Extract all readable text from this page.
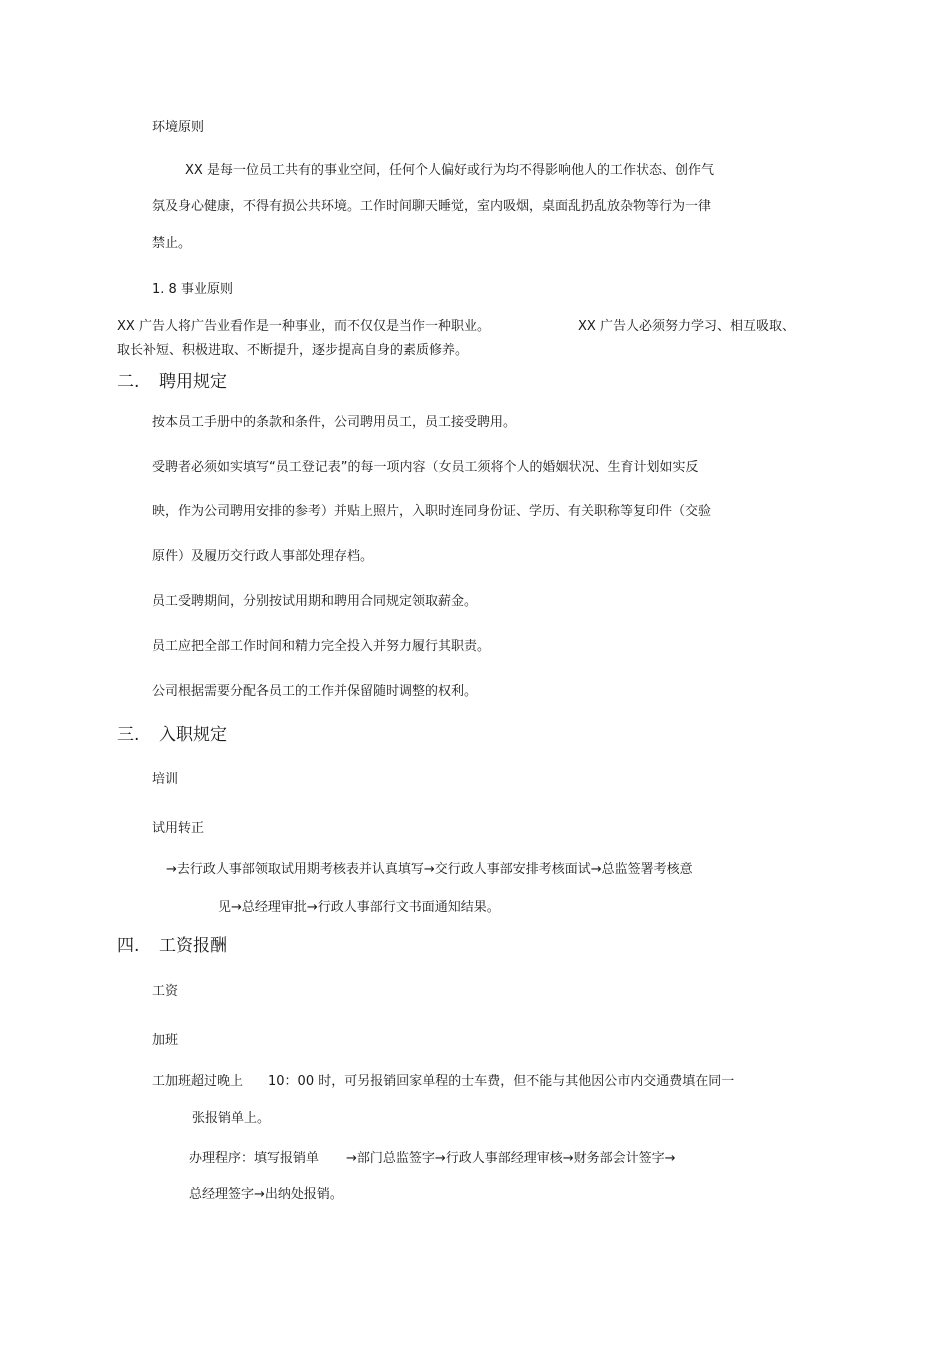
环境原则
XX 是每一位员工共有的事业空间，任何个人偏好或行为均不得影响他人的工作状态、创作气
氛及身心健康，不得有损公共环境。工作时间聊天睡觉，室内吸烟，桌面乱扔乱放杂物等行为一律
禁止。
1. 8 事业原则
XX 广告人将广告业看作是一种事业，而不仅仅是当作一种职业。	XX 广告人必须努力学习、相互吸取、
取长补短、积极进取、不断提升，逐步提高自身的素质修养。
二. 聘用规定
按本员工手册中的条款和条件，公司聘用员工，员工接受聘用。
受聘者必须如实填写“员工登记表”的每一项内容（女员工须将个人的婚姻状况、生育计划如实反
映，作为公司聘用安排的参考）并贴上照片，入职时连同身份证、学历、有关职称等复印件（交验
原件）及履历交行政人事部处理存档。
员工受聘期间，分别按试用期和聘用合同规定领取薪金。
员工应把全部工作时间和精力完全投入并努力履行其职责。
公司根据需要分配各员工的工作并保留随时调整的权利。
三. 入职规定
培训
试用转正
→去行政人事部领取试用期考核表并认真填写→交行政人事部安排考核面试→总监签署考核意
见→总经理审批→行政人事部行文书面通知结果。
四. 工资报酬
工资
加班
工加班超过晚上 10：00 时，可另报销回家单程的士车费，但不能与其他因公市内交通费填在同一
张报销单上。
办理程序：填写报销单 →部门总监签字→行政人事部经理审核→财务部会计签字→
总经理签字→出纳处报销。
